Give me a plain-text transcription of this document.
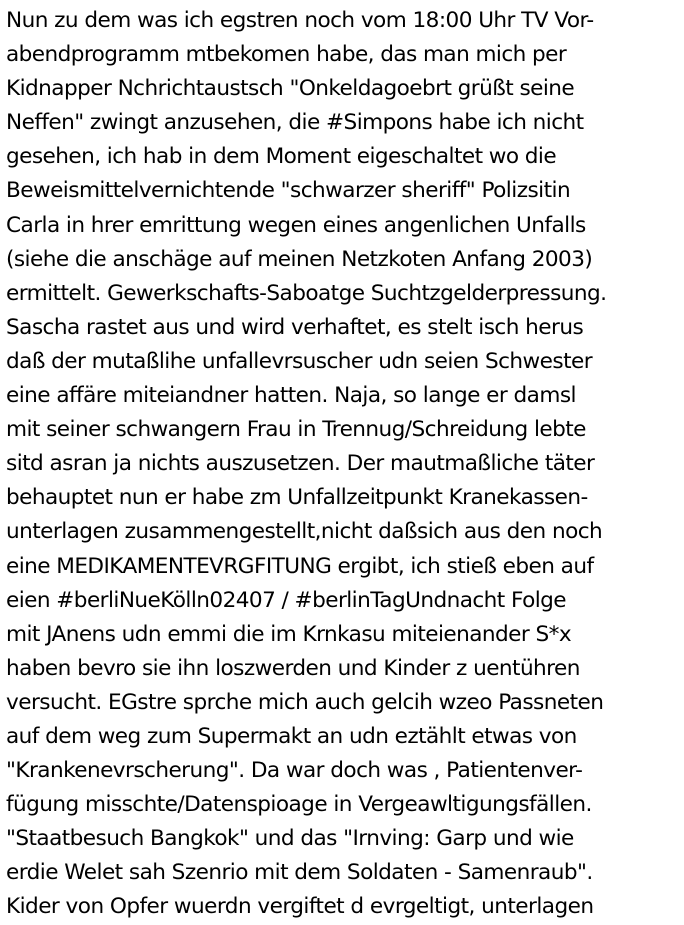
Nun zu dem was ich egstren noch vom 18:00 Uhr TV Vor-
abendprogramm mtbekomen habe, das man mich per
Kidnapper Nchrichtaustsch "Onkeldagoebrt grüßt seine
Neffen" zwingt anzusehen, die #Simpons habe ich nicht
gesehen, ich hab in dem Moment eigeschaltet wo die
Beweismittelvernichtende "schwarzer sheriff" Polizsitin
Carla in hrer emrittung wegen eines angenlichen Unfalls
(siehe die anschäge auf meinen Netzkoten Anfang 2003)
ermittelt. Gewerkschafts-Saboatge Suchtzgelderpressung.
Sascha rastet aus und wird verhaftet, es stelt isch herus
daß der mutaßlihe unfallevrsuscher udn seien Schwester
eine affäre miteiandner hatten. Naja, so lange er damsl
mit seiner schwangern Frau in Trennug/Schreidung lebte
sitd asran ja nichts auszusetzen. Der mautmaßliche täter
behauptet nun er habe zm Unfallzeitpunkt Kranekassen-
unterlagen zusammengestellt,nicht daßsich aus den noch
eine MEDIKAMENTEVRGFITUNG ergibt, ich stieß eben auf
eien #berliNueKölln02407 / #berlinTagUndnacht Folge
mit JAnens udn emmi die im Krnkasu miteienander S*x
haben bevro sie ihn loszwerden und Kinder z uentühren
versucht. EGstre sprche mich auch gelcih wzeo Passneten
auf dem weg zum Supermakt an udn eztählt etwas von
"Krankenevrscherung". Da war doch was , Patientenver-
fügung misschte/Datenspioage in Vergeawltigungsfällen.
"Staatbesuch Bangkok" und das "Irnving: Garp und wie
erdie Welet sah Szenrio mit dem Soldaten - Samenraub".
Kider von Opfer wuerdn vergiftet d evrgeltigt, unterlagen
